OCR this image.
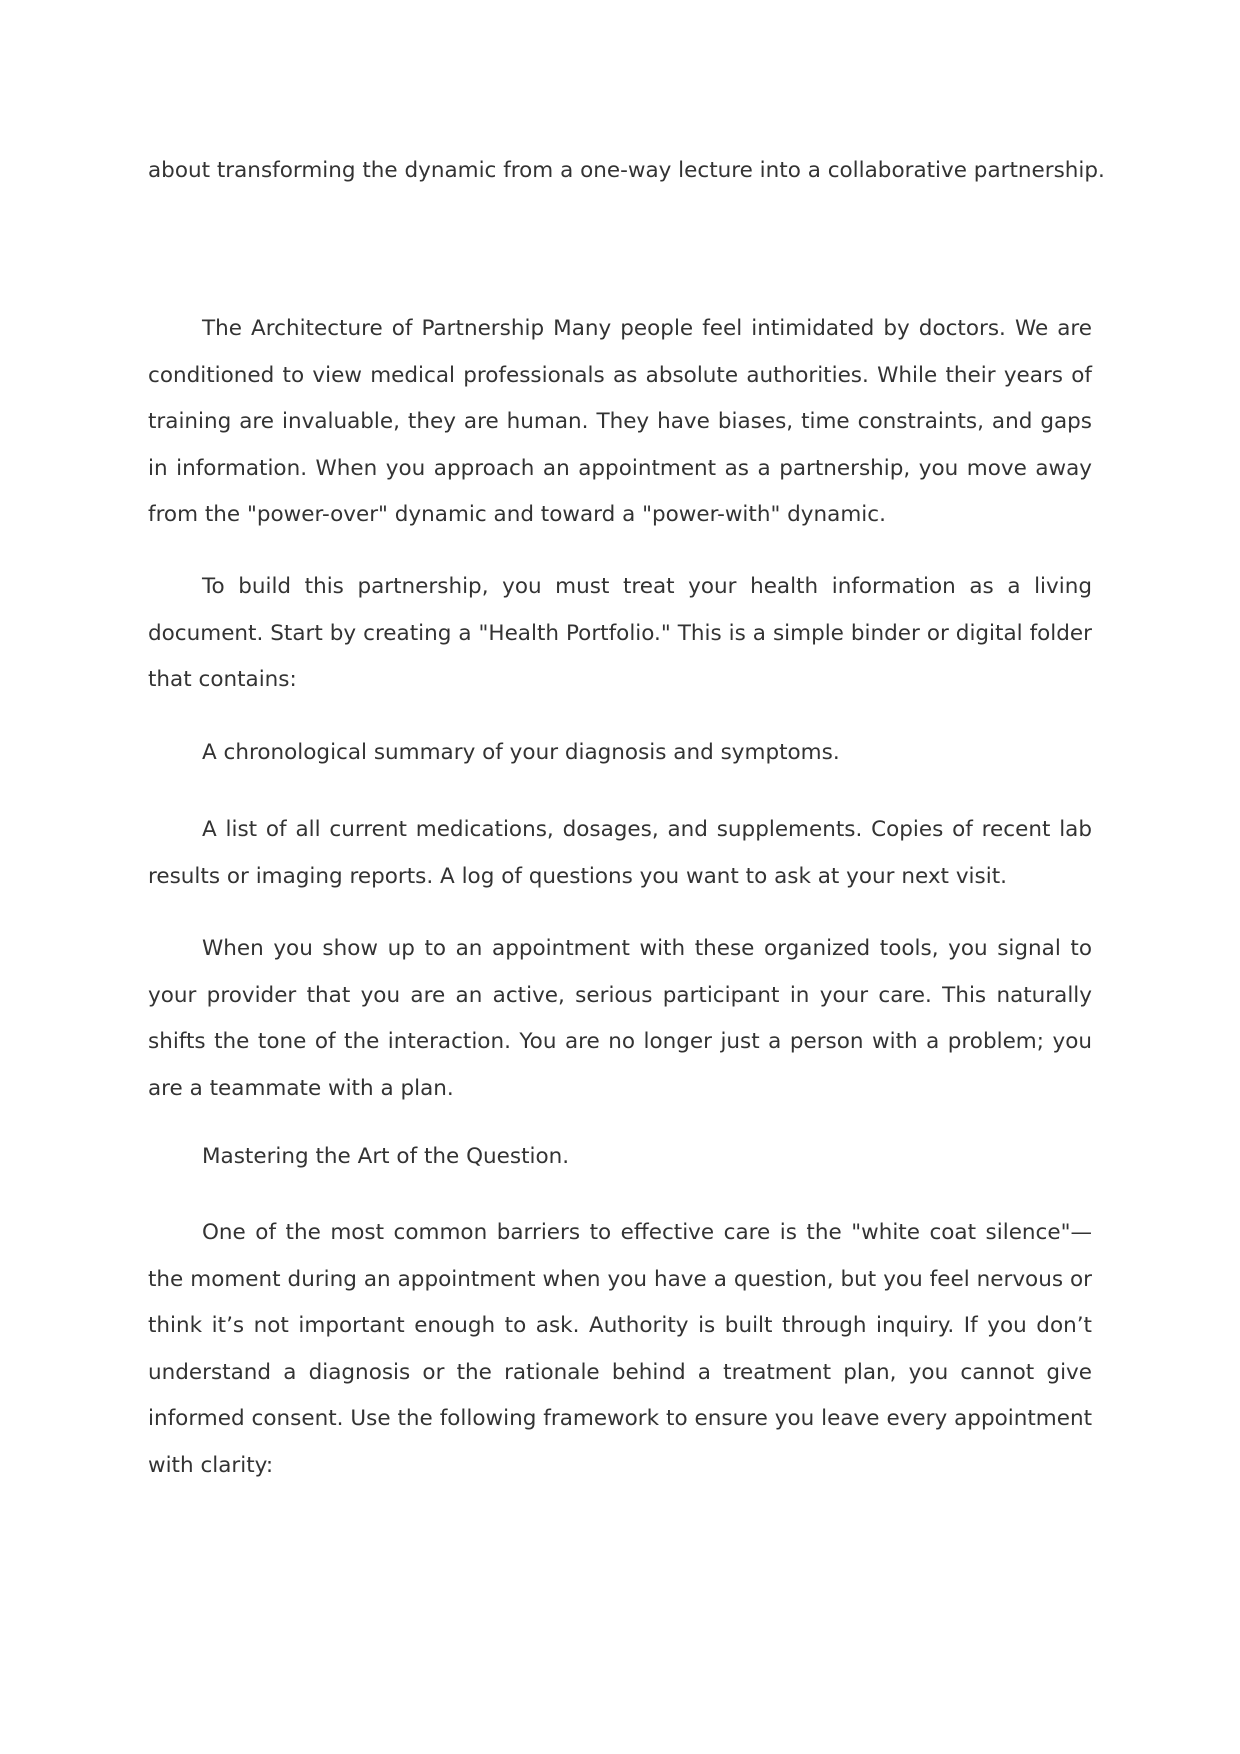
about transforming the dynamic from a one-way lecture into a collaborative partnership.

The Architecture of Partnership Many people feel intimidated by doctors. We are conditioned to view medical professionals as absolute authorities. While their years of training are invaluable, they are human. They have biases, time constraints, and gaps in information. When you approach an appointment as a partnership, you move away from the "power-over" dynamic and toward a "power-with" dynamic.

To build this partnership, you must treat your health information as a living document. Start by creating a "Health Portfolio." This is a simple binder or digital folder that contains:

A chronological summary of your diagnosis and symptoms.

A list of all current medications, dosages, and supplements. Copies of recent lab results or imaging reports. A log of questions you want to ask at your next visit.

When you show up to an appointment with these organized tools, you signal to your provider that you are an active, serious participant in your care. This naturally shifts the tone of the interaction. You are no longer just a person with a problem; you are a teammate with a plan.

Mastering the Art of the Question.

One of the most common barriers to effective care is the "white coat silence"—the moment during an appointment when you have a question, but you feel nervous or think it’s not important enough to ask. Authority is built through inquiry. If you don’t understand a diagnosis or the rationale behind a treatment plan, you cannot give informed consent. Use the following framework to ensure you leave every appointment with clarity:
